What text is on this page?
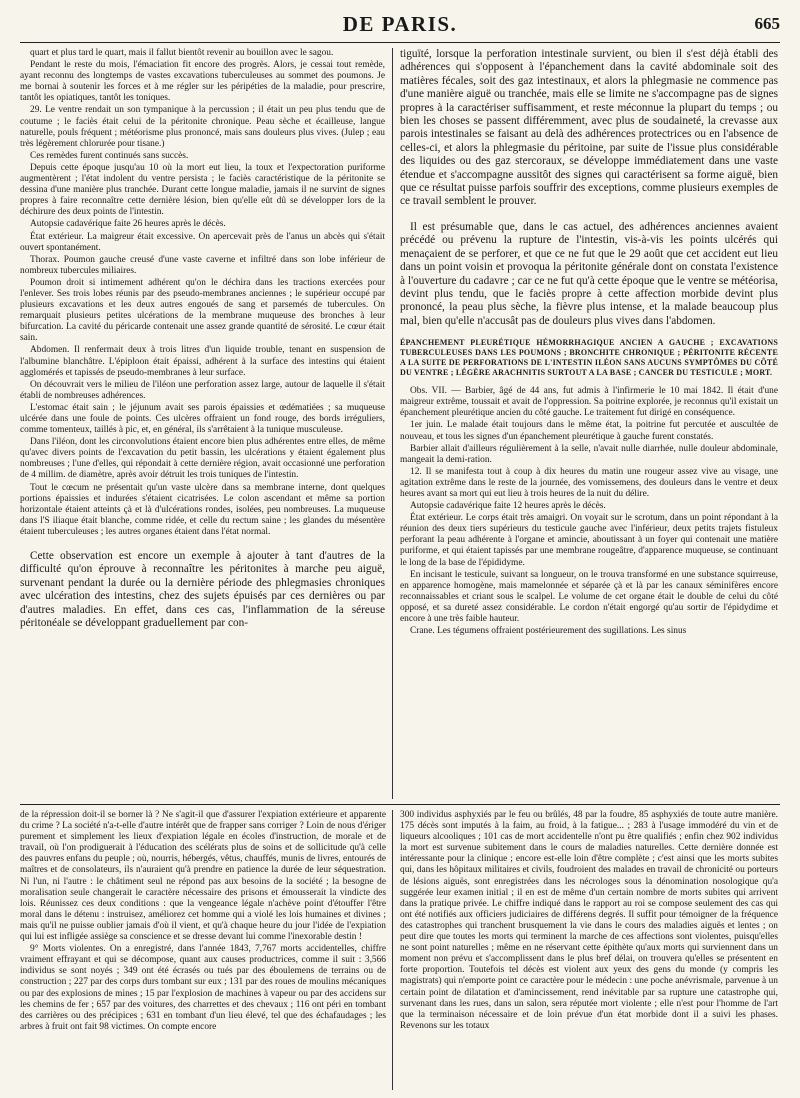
DE PARIS.	665

quart et plus tard le quart, mais il fallut bientôt revenir au bouillon avec le sagou.

Pendant le reste du mois, l'émaciation fit encore des progrès. Alors, je cessai tout remède, ayant reconnu des longtemps de vastes excavations tuberculeuses au sommet des poumons. Je me bornai à soutenir les forces et à me régler sur les péripéties de la maladie, pour prescrire, tantôt les opiatiques, tantôt les toniques.

29. Le ventre rendait un son tympanique à la percussion ; il était un peu plus tendu que de coutume ; le faciès était celui de la péritonite chronique. Peau sèche et écailleuse, langue naturelle, pouls fréquent ; météorisme plus prononcé, mais sans douleurs plus vives. (Julep ; eau très légèrement chlorurée pour tisane.)

Ces remèdes furent continués sans succès.

Depuis cette époque jusqu'au 10 où la mort eut lieu, la toux et l'expectoration puriforme augmentèrent ; l'état indolent du ventre persista ; le faciès caractéristique de la péritonite se dessina d'une manière plus tranchée. Durant cette longue maladie, jamais il ne survint de signes propres à faire reconnaître cette dernière lésion, bien qu'elle eût dû se développer lors de la déchirure des deux points de l'intestin.

Autopsie cadavérique faite 26 heures après le décès.

État extérieur. La maigreur était excessive. On apercevait près de l'anus un abcès qui s'était ouvert spontanément.

Thorax. Poumon gauche creusé d'une vaste caverne et infiltré dans son lobe inférieur de nombreux tubercules miliaires.

Poumon droit si intimement adhérent qu'on le déchira dans les tractions exercées pour l'enlever. Ses trois lobes réunis par des pseudo-membranes anciennes ; le supérieur occupé par plusieurs excavations et les deux autres engoués de sang et parsemés de tubercules. On remarquait plusieurs petites ulcérations de la membrane muqueuse des bronches à leur bifurcation. La cavité du péricarde contenait une assez grande quantité de sérosité. Le cœur était sain.

Abdomen. Il renfermait deux à trois litres d'un liquide trouble, tenant en suspension de l'albumine blanchâtre. L'épiploon était épaissi, adhérent à la surface des intestins qui étaient agglomérés et tapissés de pseudo-membranes à leur surface.

On découvrait vers le milieu de l'iléon une perforation assez large, autour de laquelle il s'était établi de nombreuses adhérences.

L'estomac était sain ; le jéjunum avait ses parois épaissies et œdématiées ; sa muqueuse ulcérée dans une foule de points. Ces ulcères offraient un fond rouge, des bords irréguliers, comme tomenteux, taillés à pic, et, en général, ils s'arrêtaient à la tunique musculeuse.

Dans l'iléon, dont les circonvolutions étaient encore bien plus adhérentes entre elles, de même qu'avec divers points de l'excavation du petit bassin, les ulcérations y étaient également plus nombreuses ; l'une d'elles, qui répondait à cette dernière région, avait occasionné une perforation de 4 millim. de diamètre, après avoir détruit les trois tuniques de l'intestin.

Tout le cœcum ne présentait qu'un vaste ulcère dans sa membrane interne, dont quelques portions épaissies et indurées s'étaient cicatrisées. Le colon ascendant et même sa portion horizontale étaient atteints çà et là d'ulcérations rondes, isolées, peu nombreuses. La muqueuse dans l'S iliaque était blanche, comme ridée, et celle du rectum saine ; les glandes du mésentère étaient tuberculeuses ; les autres organes étaient dans l'état normal.

Cette observation est encore un exemple à ajouter à tant d'autres de la difficulté qu'on éprouve à reconnaître les péritonites à marche peu aiguë, survenant pendant la durée ou la dernière période des phlegmasies chroniques avec ulcération des intestins, chez des sujets épuisés par ces dernières ou par d'autres maladies. En effet, dans ces cas, l'inflammation de la séreuse péritonéale se développant graduellement par con-

tiguïté, lorsque la perforation intestinale survient, ou bien il s'est déjà établi des adhérences qui s'opposent à l'épanchement dans la cavité abdominale soit des matières fécales, soit des gaz intestinaux, et alors la phlegmasie ne commence pas d'une manière aiguë ou tranchée, mais elle se limite ne s'accompagne pas de signes propres à la caractériser suffisamment, et reste méconnue la plupart du temps ; ou bien les choses se passent différemment, avec plus de soudaineté, la crevasse aux parois intestinales se faisant au delà des adhérences protectrices ou en l'absence de celles-ci, et alors la phlegmasie du péritoine, par suite de l'issue plus considérable des liquides ou des gaz stercoraux, se développe immédiatement dans une vaste étendue et s'accompagne aussitôt des signes qui caractérisent sa forme aiguë, bien que ce résultat puisse parfois souffrir des exceptions, comme plusieurs exemples de ce travail semblent le prouver.

Il est présumable que, dans le cas actuel, des adhérences anciennes avaient précédé ou prévenu la rupture de l'intestin, vis-à-vis les points ulcérés qui menaçaient de se perforer, et que ce ne fut que le 29 août que cet accident eut lieu dans un point voisin et provoqua la péritonite générale dont on constata l'existence à l'ouverture du cadavre ; car ce ne fut qu'à cette époque que le ventre se météorisa, devint plus tendu, que le faciès propre à cette affection morbide devint plus prononcé, la peau plus sèche, la fièvre plus intense, et la malade beaucoup plus mal, bien qu'elle n'accusât pas de douleurs plus vives dans l'abdomen.

ÉPANCHEMENT PLEURÉTIQUE HÉMORRHAGIQUE ANCIEN A GAUCHE ; EXCAVATIONS TUBERCULEUSES DANS LES POUMONS ; BRONCHITE CHRONIQUE ; PÉRITONITE RÉCENTE A LA SUITE DE PERFORATIONS DE L'INTESTIN ILÉON SANS AUCUNS SYMPTÔMES DU CÔTÉ DU VENTRE ; LÉGÈRE ARACHNITIS SURTOUT A LA BASE ; CANCER DU TESTICULE ; MORT.

Obs. VII. — Barbier, âgé de 44 ans, fut admis à l'infirmerie le 10 mai 1842. Il était d'une maigreur extrême, toussait et avait de l'oppression. Sa poitrine explorée, je reconnus qu'il existait un épanchement pleurétique ancien du côté gauche. Le traitement fut dirigé en conséquence.

1er juin. Le malade était toujours dans le même état, la poitrine fut percutée et auscultée de nouveau, et tous les signes d'un épanchement pleurétique à gauche furent constatés.

Barbier allait d'ailleurs régulièrement à la selle, n'avait nulle diarrhée, nulle douleur abdominale, mangeait la demi-ration.

12. Il se manifesta tout à coup à dix heures du matin une rougeur assez vive au visage, une agitation extrême dans le reste de la journée, des vomissemens, des douleurs dans le ventre et deux heures avant sa mort qui eut lieu à trois heures de la nuit du délire.

Autopsie cadavérique faite 12 heures après le décès.

État extérieur. Le corps était très amaigri. On voyait sur le scrotum, dans un point répondant à la réunion des deux tiers supérieurs du testicule gauche avec l'inférieur, deux petits trajets fistuleux perforant la peau adhérente à l'organe et amincie, aboutissant à un foyer qui contenait une matière puriforme, et qui étaient tapissés par une membrane rougeâtre, d'apparence muqueuse, se continuant le long de la base de l'épididyme.

En incisant le testicule, suivant sa longueur, on le trouva transformé en une substance squirreuse, en apparence homogène, mais mamelonnée et séparée çà et là par les canaux séminifères encore reconnaissables et criant sous le scalpel. Le volume de cet organe était le double de celui du côté opposé, et sa dureté assez considérable. Le cordon n'était engorgé qu'au sortir de l'épidydime et encore à une très faible hauteur.

Crane. Les tégumens offraient postérieurement des sugillations. Les sinus

de la répression doit-il se borner là ? Ne s'agit-il que d'assurer l'expiation extérieure et apparente du crime ? La société n'a-t-elle d'autre intérêt que de frapper sans corriger ? Loin de nous d'ériger purement et simplement les lieux d'expiation légale en écoles d'instruction, de morale et de travail, où l'on prodiguerait à l'éducation des scélérats plus de soins et de sollicitude qu'à celle des pauvres enfans du peuple ; où, nourris, hébergés, vêtus, chauffés, munis de livres, entourés de maîtres et de consolateurs, ils n'auraient qu'à prendre en patience la durée de leur séquestration. Ni l'un, ni l'autre : le châtiment seul ne répond pas aux besoins de la société ; la besogne de moralisation seule changerait le caractère nécessaire des prisons et émousserait la vindicte des lois. Réunissez ces deux conditions : que la vengeance légale n'achève point d'étouffer l'être moral dans le détenu : instruisez, améliorez cet homme qui a violé les lois humaines et divines ; mais qu'il ne puisse oublier jamais d'où il vient, et qu'à chaque heure du jour l'idée de l'expiation qui lui est infligée assiège sa conscience et se dresse devant lui comme l'inexorable destin !

9° Morts violentes. On a enregistré, dans l'année 1843, 7,767 morts accidentelles, chiffre vraiment effrayant et qui se décompose, quant aux causes productrices, comme il suit : 3,566 individus se sont noyés ; 349 ont été écrasés ou tués par des éboulemens de terrains ou de construction ; 227 par des corps durs tombant sur eux ; 131 par des roues de moulins mécaniques ou par des explosions de mines ; 15 par l'explosion de machines à vapeur ou par des accidens sur les chemins de fer ; 657 par des voitures, des charrettes et des chevaux ; 116 ont péri en tombant des carrières ou des précipices ; 631 en tombant d'un lieu élevé, tel que des échafaudages ; les arbres à fruit ont fait 98 victimes. On compte encore

300 individus asphyxiés par le feu ou brûlés, 48 par la foudre, 85 asphyxiés de toute autre manière. 175 décès sont imputés à la faim, au froid, à la fatigue... ; 283 à l'usage immodéré du vin et de liqueurs alcooliques ; 101 cas de mort accidentelle n'ont pu être qualifiés ; enfin chez 902 individus la mort est survenue subitement dans le cours de maladies naturelles. Cette dernière donnée est intéressante pour la clinique ; encore est-elle loin d'être complète ; c'est ainsi que les morts subites qui, dans les hôpitaux militaires et civils, foudroient des malades en travail de chronicité ou porteurs de lésions aiguës, sont enregistrées dans les nécrologes sous la dénomination nosologique qu'a suggérée leur examen initial ; il en est de même d'un certain nombre de morts subites qui arrivent dans la pratique privée. Le chiffre indiqué dans le rapport au roi se compose seulement des cas qui ont été notifiés aux officiers judiciaires de différens degrés. Il suffit pour témoigner de la fréquence des catastrophes qui tranchent brusquement la vie dans le cours des maladies aiguës et lentes ; on peut dire que toutes les morts qui terminent la marche de ces affections sont violentes, puisqu'elles ne sont point naturelles ; même en ne réservant cette épithète qu'aux morts qui surviennent dans un moment non prévu et s'accomplissent dans le plus bref délai, on trouvera qu'elles se présentent en forte proportion. Toutefois tel décès est violent aux yeux des gens du monde (y compris les magistrats) qui n'emporte point ce caractère pour le médecin : une poche anévrismale, parvenue à un certain point de dilatation et d'amincissement, rend inévitable par sa rupture une catastrophe qui, survenant dans les rues, dans un salon, sera réputée mort violente ; elle n'est pour l'homme de l'art que la terminaison nécessaire et de loin prévue d'un état morbide dont il a suivi les phases. Revenons sur les totaux
